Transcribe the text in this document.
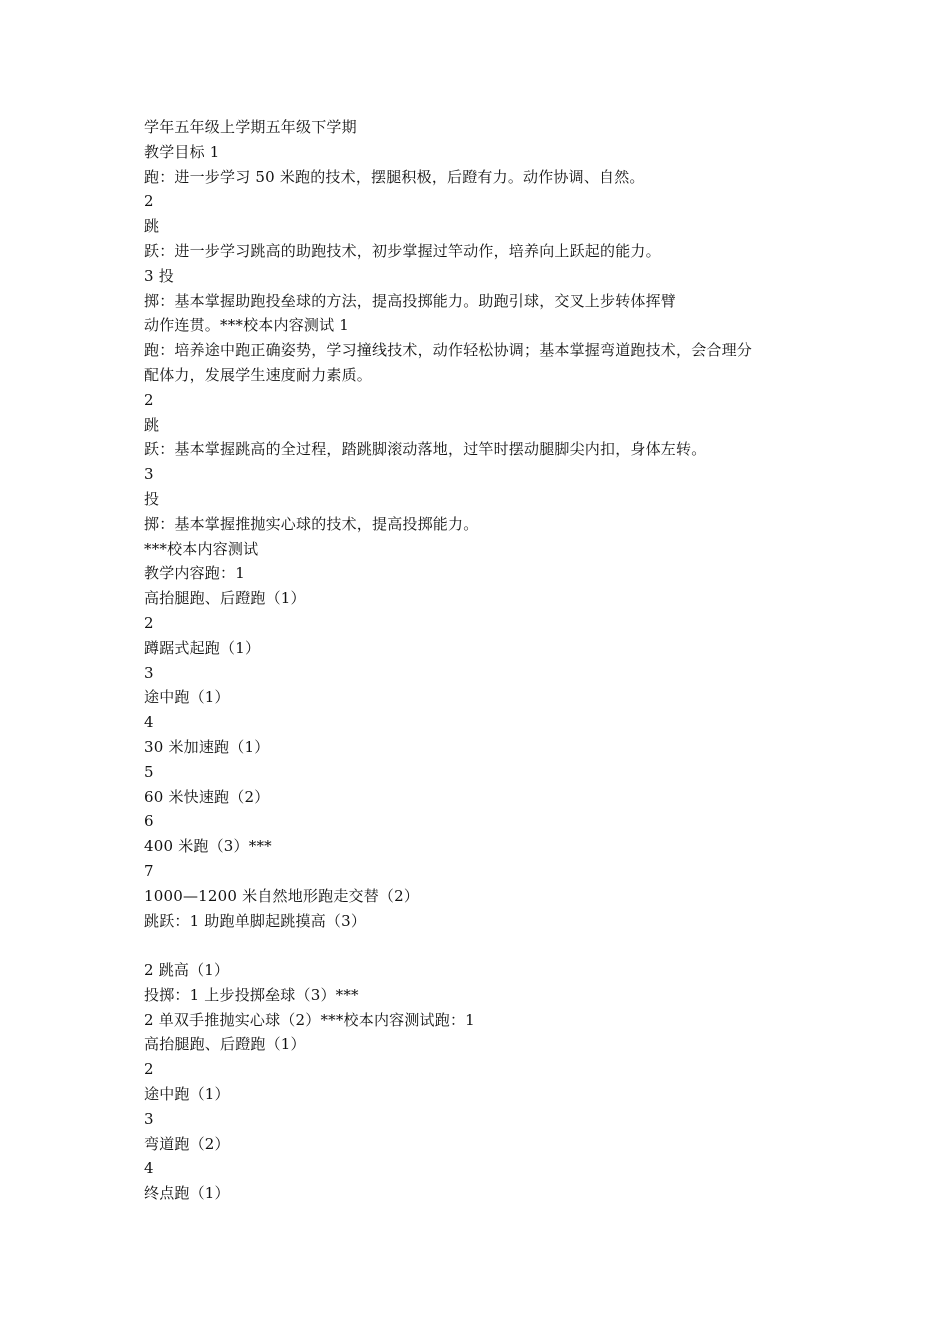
学年五年级上学期五年级下学期
教学目标 1
跑：进一步学习 50 米跑的技术，摆腿积极，后蹬有力。动作协调、自然。
2
跳
跃：进一步学习跳高的助跑技术，初步掌握过竿动作，培养向上跃起的能力。
3 投
掷：基本掌握助跑投垒球的方法，提高投掷能力。助跑引球，交叉上步转体挥臂
动作连贯。***校本内容测试 1
跑：培养途中跑正确姿势，学习撞线技术，动作轻松协调；基本掌握弯道跑技术，会合理分
配体力，发展学生速度耐力素质。
2
跳
跃：基本掌握跳高的全过程，踏跳脚滚动落地，过竿时摆动腿脚尖内扣，身体左转。
3
投
掷：基本掌握推抛实心球的技术，提高投掷能力。
***校本内容测试
教学内容跑：1
高抬腿跑、后蹬跑（1）
2
蹲踞式起跑（1）
3
途中跑（1）
4
30 米加速跑（1）
5
60 米快速跑（2）
6
400 米跑（3）***
7
1000—1200 米自然地形跑走交替（2）
跳跃：1 助跑单脚起跳摸高（3）
2 跳高（1）
投掷：1 上步投掷垒球（3）***
2 单双手推抛实心球（2）***校本内容测试跑：1
高抬腿跑、后蹬跑（1）
2
途中跑（1）
3
弯道跑（2）
4
终点跑（1）
